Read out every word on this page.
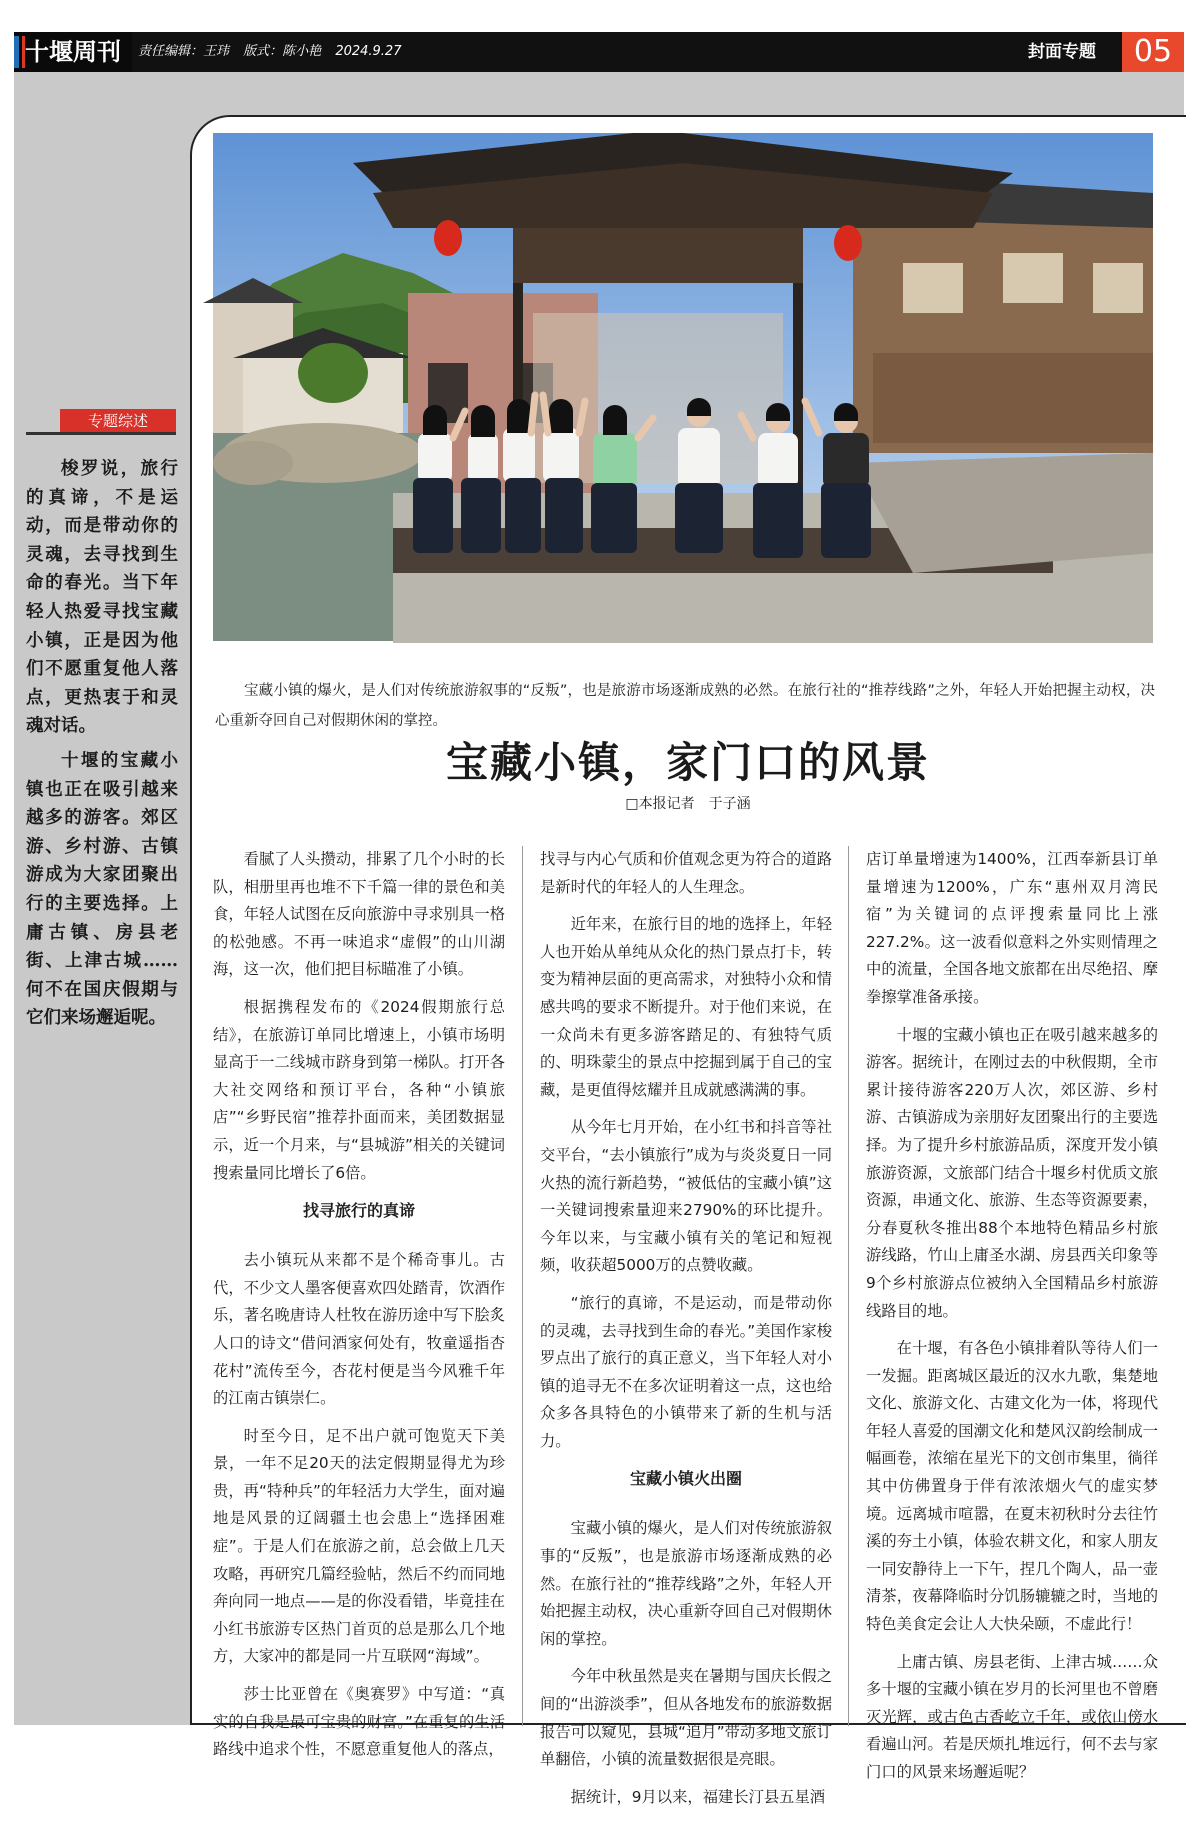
十堰周刊	责任编辑：王玮 版式：陈小艳 2024.9.27	封面专题	05
专题综述

梭罗说，旅行的真谛，不是运动，而是带动你的灵魂，去寻找到生命的春光。当下年轻人热爱寻找宝藏小镇，正是因为他们不愿重复他人落点，更热衷于和灵魂对话。

十堰的宝藏小镇也正在吸引越来越多的游客。郊区游、乡村游、古镇游成为大家团聚出行的主要选择。上庸古镇、房县老街、上津古城……何不在国庆假期与它们来场邂逅呢。

宝藏小镇的爆火，是人们对传统旅游叙事的“反叛”，也是旅游市场逐渐成熟的必然。在旅行社的“推荐线路”之外，年轻人开始把握主动权，决心重新夺回自己对假期休闲的掌控。
宝藏小镇，家门口的风景
□本报记者　于子涵

看腻了人头攒动，排累了几个小时的长队，相册里再也堆不下千篇一律的景色和美食，年轻人试图在反向旅游中寻求别具一格的松弛感。不再一味追求“虚假”的山川湖海，这一次，他们把目标瞄准了小镇。

根据携程发布的《2024假期旅行总结》，在旅游订单同比增速上，小镇市场明显高于一二线城市跻身到第一梯队。打开各大社交网络和预订平台，各种“小镇旅店”“乡野民宿”推荐扑面而来，美团数据显示，近一个月来，与“县城游”相关的关键词搜索量同比增长了6倍。

找寻旅行的真谛

去小镇玩从来都不是个稀奇事儿。古代，不少文人墨客便喜欢四处踏青，饮酒作乐，著名晚唐诗人杜牧在游历途中写下脍炙人口的诗文“借问酒家何处有，牧童遥指杏花村”流传至今，杏花村便是当今风雅千年的江南古镇崇仁。

时至今日，足不出户就可饱览天下美景，一年不足20天的法定假期显得尤为珍贵，再“特种兵”的年轻活力大学生，面对遍地是风景的辽阔疆土也会患上“选择困难症”。于是人们在旅游之前，总会做上几天攻略，再研究几篇经验帖，然后不约而同地奔向同一地点——是的你没看错，毕竟挂在小红书旅游专区热门首页的总是那么几个地方，大家冲的都是同一片互联网“海域”。

莎士比亚曾在《奥赛罗》中写道：“真实的自我是最可宝贵的财富。”在重复的生活路线中追求个性，不愿意重复他人的落点，

找寻与内心气质和价值观念更为符合的道路是新时代的年轻人的人生理念。

近年来，在旅行目的地的选择上，年轻人也开始从单纯从众化的热门景点打卡，转变为精神层面的更高需求，对独特小众和情感共鸣的要求不断提升。对于他们来说，在一众尚未有更多游客踏足的、有独特气质的、明珠蒙尘的景点中挖掘到属于自己的宝藏，是更值得炫耀并且成就感满满的事。

从今年七月开始，在小红书和抖音等社交平台，“去小镇旅行”成为与炎炎夏日一同火热的流行新趋势，“被低估的宝藏小镇”这一关键词搜索量迎来2790%的环比提升。今年以来，与宝藏小镇有关的笔记和短视频，收获超5000万的点赞收藏。

“旅行的真谛，不是运动，而是带动你的灵魂，去寻找到生命的春光。”美国作家梭罗点出了旅行的真正意义，当下年轻人对小镇的追寻无不在多次证明着这一点，这也给众多各具特色的小镇带来了新的生机与活力。

宝藏小镇火出圈

宝藏小镇的爆火，是人们对传统旅游叙事的“反叛”，也是旅游市场逐渐成熟的必然。在旅行社的“推荐线路”之外，年轻人开始把握主动权，决心重新夺回自己对假期休闲的掌控。

今年中秋虽然是夹在暑期与国庆长假之间的“出游淡季”，但从各地发布的旅游数据报告可以窥见，县城“追月”带动多地文旅订单翻倍，小镇的流量数据很是亮眼。

据统计，9月以来，福建长汀县五星酒

店订单量增速为1400%，江西奉新县订单量增速为1200%，广东“惠州双月湾民宿”为关键词的点评搜索量同比上涨227.2%。这一波看似意料之外实则情理之中的流量，全国各地文旅都在出尽绝招、摩拳擦掌准备承接。

十堰的宝藏小镇也正在吸引越来越多的游客。据统计，在刚过去的中秋假期，全市累计接待游客220万人次，郊区游、乡村游、古镇游成为亲朋好友团聚出行的主要选择。为了提升乡村旅游品质，深度开发小镇旅游资源，文旅部门结合十堰乡村优质文旅资源，串通文化、旅游、生态等资源要素，分春夏秋冬推出88个本地特色精品乡村旅游线路，竹山上庸圣水湖、房县西关印象等9个乡村旅游点位被纳入全国精品乡村旅游线路目的地。

在十堰，有各色小镇排着队等待人们一一发掘。距离城区最近的汉水九歌，集楚地文化、旅游文化、古建文化为一体，将现代年轻人喜爱的国潮文化和楚风汉韵绘制成一幅画卷，浓缩在星光下的文创市集里，徜徉其中仿佛置身于伴有浓浓烟火气的虚实梦境。远离城市喧嚣，在夏末初秋时分去往竹溪的夯土小镇，体验农耕文化，和家人朋友一同安静待上一下午，捏几个陶人，品一壶清茶，夜幕降临时分饥肠辘辘之时，当地的特色美食定会让人大快朵颐，不虚此行！

上庸古镇、房县老街、上津古城……众多十堰的宝藏小镇在岁月的长河里也不曾磨灭光辉，或古色古香屹立千年，或依山傍水看遍山河。若是厌烦扎堆远行，何不去与家门口的风景来场邂逅呢？
